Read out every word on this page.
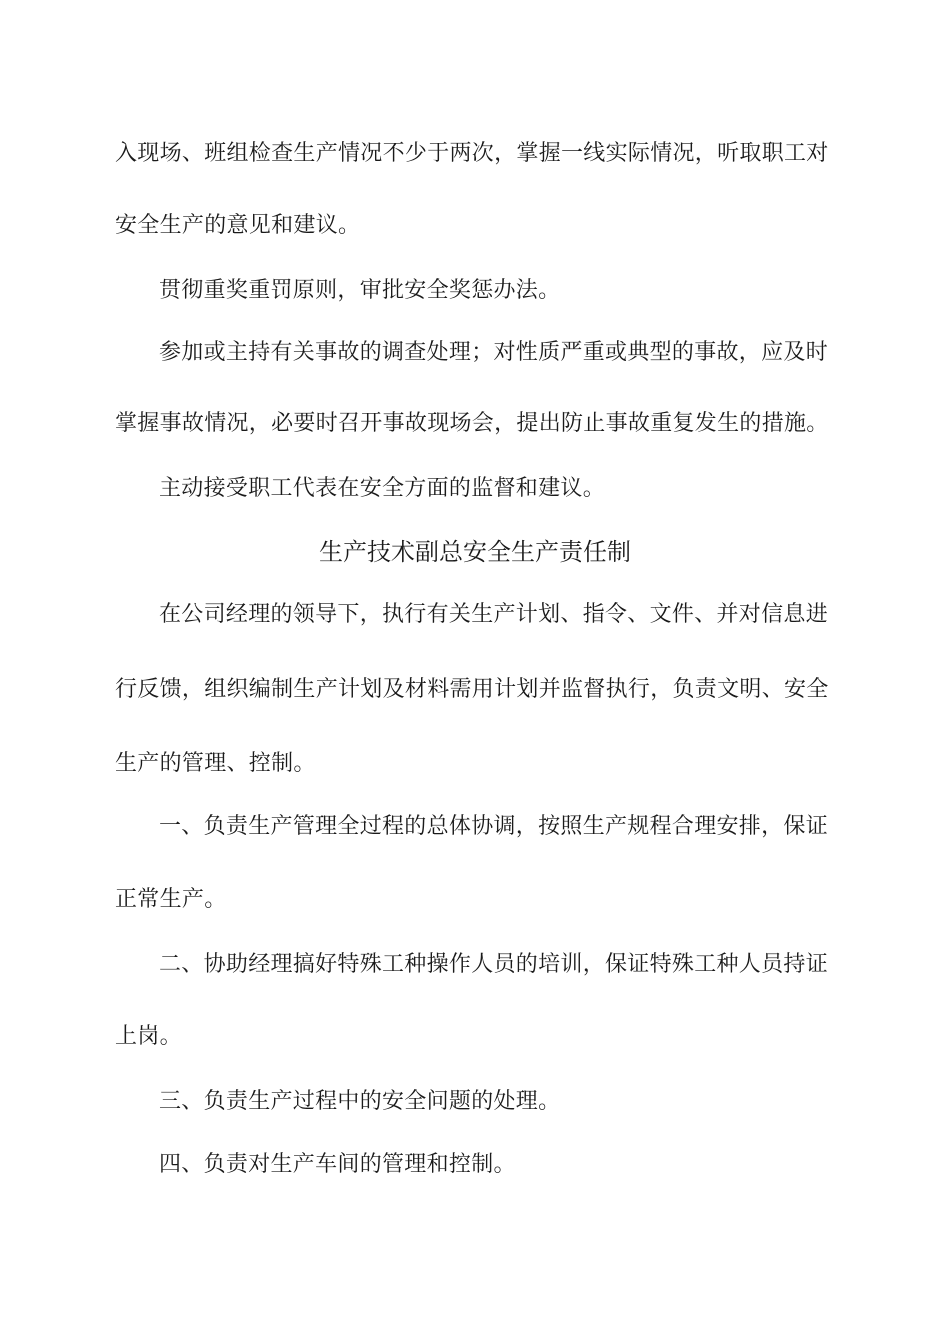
入现场、班组检查生产情况不少于两次，掌握一线实际情况，听取职工对
安全生产的意见和建议。
贯彻重奖重罚原则，审批安全奖惩办法。
参加或主持有关事故的调查处理；对性质严重或典型的事故，应及时
掌握事故情况，必要时召开事故现场会，提出防止事故重复发生的措施。
主动接受职工代表在安全方面的监督和建议。
生产技术副总安全生产责任制
在公司经理的领导下，执行有关生产计划、指令、文件、并对信息进
行反馈，组织编制生产计划及材料需用计划并监督执行，负责文明、安全
生产的管理、控制。
一、负责生产管理全过程的总体协调，按照生产规程合理安排，保证
正常生产。
二、协助经理搞好特殊工种操作人员的培训，保证特殊工种人员持证
上岗。
三、负责生产过程中的安全问题的处理。
四、负责对生产车间的管理和控制。
